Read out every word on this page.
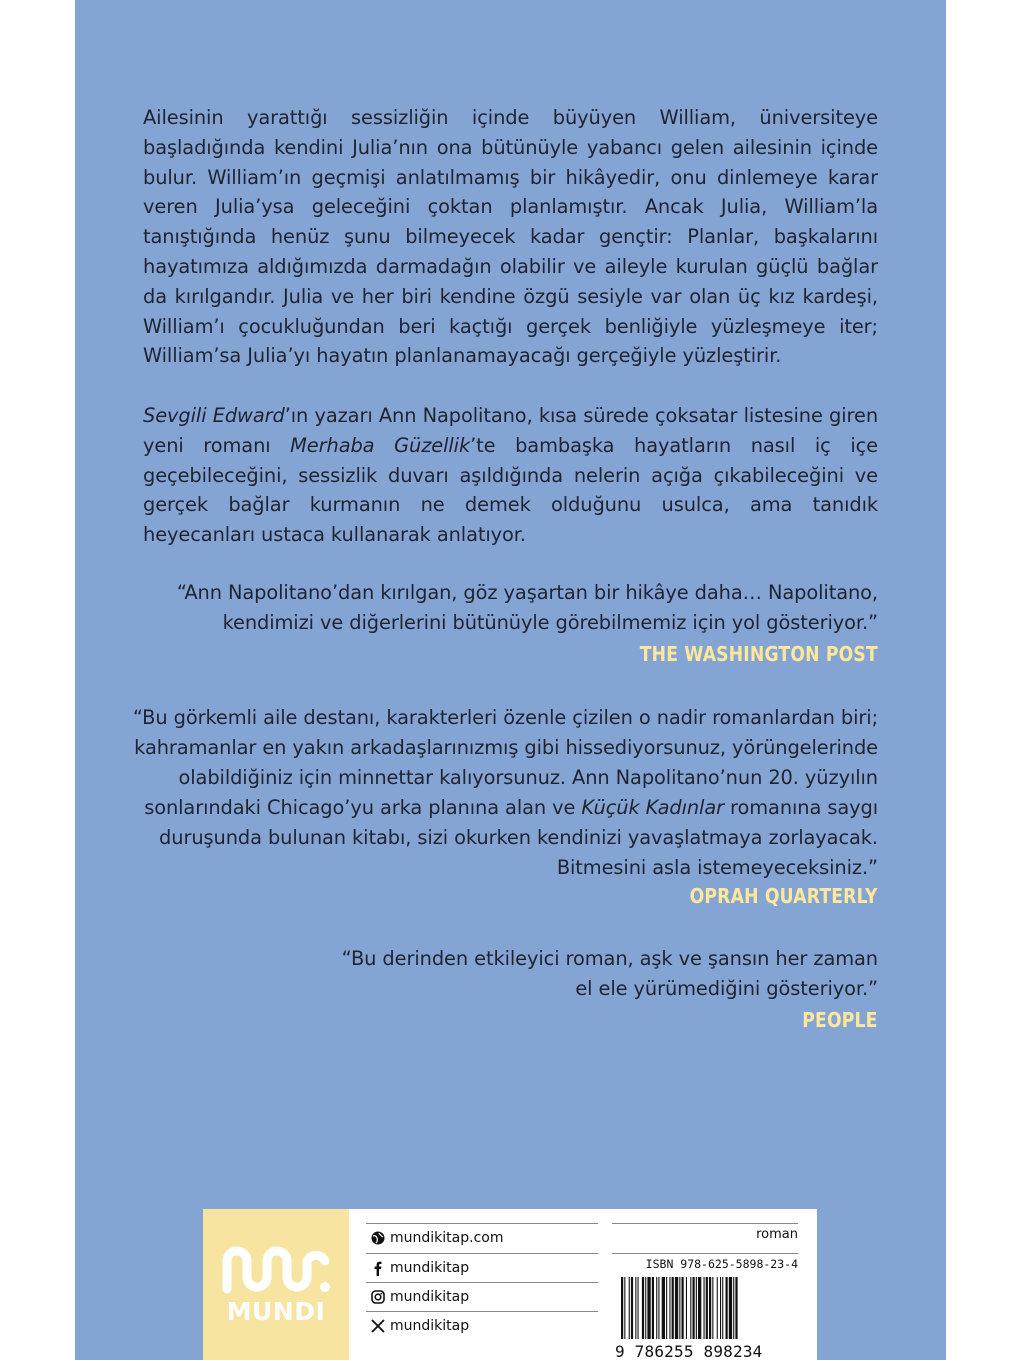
Ailesinin yarattığı sessizliğin içinde büyüyen William, üniversiteye başladığında kendini Julia’nın ona bütünüyle yabancı gelen ailesinin içinde bulur. William’ın geçmişi anlatılmamış bir hikâyedir, onu dinlemeye karar veren Julia’ysa geleceğini çoktan planlamıştır. Ancak Julia, William’la tanıştığında henüz şunu bilmeyecek kadar gençtir: Planlar, başkalarını hayatımıza aldığımızda darmadağın olabilir ve aileyle kurulan güçlü bağlar da kırılgandır. Julia ve her biri kendine özgü sesiyle var olan üç kız kardeşi, William’ı çocukluğundan beri kaçtığı gerçek benliğiyle yüzleşmeye iter; William’sa Julia’yı hayatın planlanamayacağı gerçeğiyle yüzleştirir.

Sevgili Edward’ın yazarı Ann Napolitano, kısa sürede çoksatar listesine giren yeni romanı Merhaba Güzellik’te bambaşka hayatların nasıl iç içe geçebileceğini, sessizlik duvarı aşıldığında nelerin açığa çıkabileceğini ve gerçek bağlar kurmanın ne demek olduğunu usulca, ama tanıdık heyecanları ustaca kullanarak anlatıyor.

“Ann Napolitano’dan kırılgan, göz yaşartan bir hikâye daha… Napolitano,
kendimizi ve diğerlerini bütünüyle görebilmemiz için yol gösteriyor.”
THE WASHINGTON POST
“Bu görkemli aile destanı, karakterleri özenle çizilen o nadir romanlardan biri;
kahramanlar en yakın arkadaşlarınızmış gibi hissediyorsunuz, yörüngelerinde
olabildiğiniz için minnettar kalıyorsunuz. Ann Napolitano’nun 20. yüzyılın
sonlarındaki Chicago’yu arka planına alan ve Küçük Kadınlar romanına saygı
duruşunda bulunan kitabı, sizi okurken kendinizi yavaşlatmaya zorlayacak.
Bitmesini asla istemeyeceksiniz.”
OPRAH QUARTERLY
“Bu derinden etkileyici roman, aşk ve şansın her zaman
el ele yürümediğini gösteriyor.”
PEOPLE
MUNDI
mundikitap.com
mundikitap
mundikitap
mundikitap
roman
ISBN 978-625-5898-23-4
9 786255 898234
